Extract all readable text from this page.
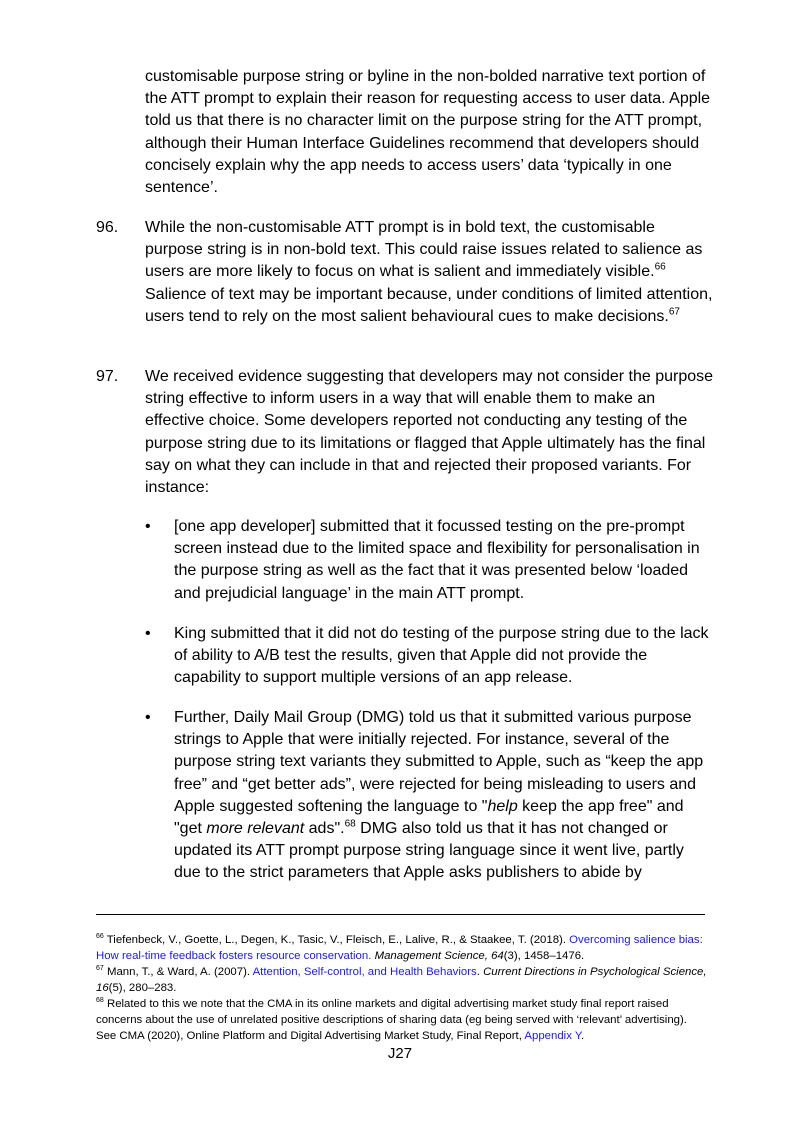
customisable purpose string or byline in the non-bolded narrative text portion of the ATT prompt to explain their reason for requesting access to user data. Apple told us that there is no character limit on the purpose string for the ATT prompt, although their Human Interface Guidelines recommend that developers should concisely explain why the app needs to access users’ data ‘typically in one sentence’.

96.	While the non-customisable ATT prompt is in bold text, the customisable purpose string is in non-bold text. This could raise issues related to salience as users are more likely to focus on what is salient and immediately visible.$^{66}$ Salience of text may be important because, under conditions of limited attention, users tend to rely on the most salient behavioural cues to make decisions.$^{67}$

97.	We received evidence suggesting that developers may not consider the purpose string effective to inform users in a way that will enable them to make an effective choice. Some developers reported not conducting any testing of the purpose string due to its limitations or flagged that Apple ultimately has the final say on what they can include in that and rejected their proposed variants. For instance:

•	[one app developer] submitted that it focussed testing on the pre-prompt screen instead due to the limited space and flexibility for personalisation in the purpose string as well as the fact that it was presented below ‘loaded and prejudicial language’ in the main ATT prompt.

•	King submitted that it did not do testing of the purpose string due to the lack of ability to A/B test the results, given that Apple did not provide the capability to support multiple versions of an app release.

•	Further, Daily Mail Group (DMG) told us that it submitted various purpose strings to Apple that were initially rejected. For instance, several of the purpose string text variants they submitted to Apple, such as “keep the app free” and “get better ads”, were rejected for being misleading to users and Apple suggested softening the language to "help keep the app free" and "get more relevant ads".$^{68}$ DMG also told us that it has not changed or updated its ATT prompt purpose string language since it went live, partly due to the strict parameters that Apple asks publishers to abide by

$^{66}$ Tiefenbeck, V., Goette, L., Degen, K., Tasic, V., Fleisch, E., Lalive, R., & Staakee, T. (2018). Overcoming salience bias: How real-time feedback fosters resource conservation. Management Science, 64(3), 1458–1476.

$^{67}$ Mann, T., & Ward, A. (2007). Attention, Self-control, and Health Behaviors. Current Directions in Psychological Science, 16(5), 280–283.

$^{68}$ Related to this we note that the CMA in its online markets and digital advertising market study final report raised concerns about the use of unrelated positive descriptions of sharing data (eg being served with ‘relevant’ advertising). See CMA (2020), Online Platform and Digital Advertising Market Study, Final Report, Appendix Y.

J27
